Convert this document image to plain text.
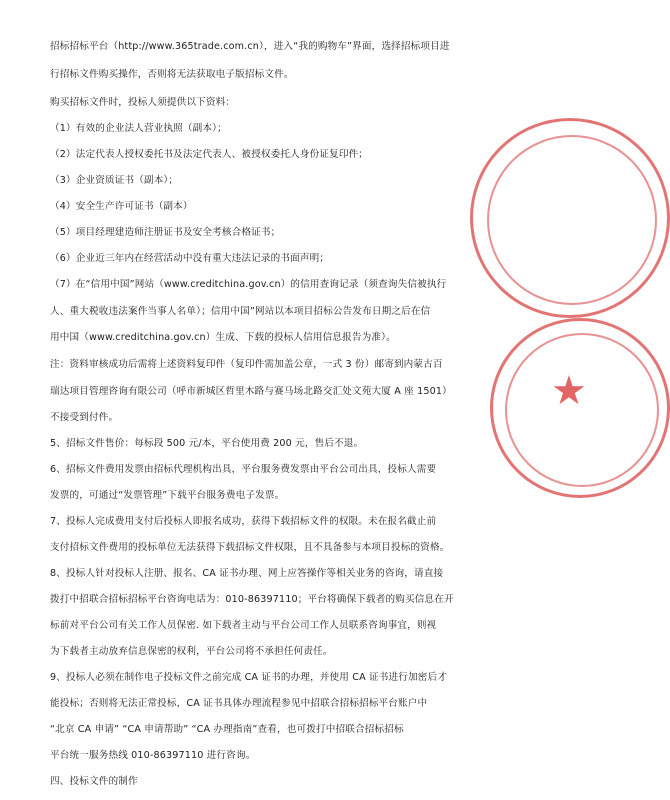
★
招标招标平台（http://www.365trade.com.cn），进入“我的购物车”界面，选择招标项目进
行招标文件购买操作，否则将无法获取电子版招标文件。
购买招标文件时，投标人须提供以下资料：
（1）有效的企业法人营业执照（副本）；
（2）法定代表人授权委托书及法定代表人、被授权委托人身份证复印件；
（3）企业资质证书（副本）；
（4）安全生产许可证书（副本）
（5）项目经理建造师注册证书及安全考核合格证书；
（6）企业近三年内在经营活动中没有重大违法记录的书面声明；
（7）在“信用中国”网站（www.creditchina.gov.cn）的信用查询记录（须查询失信被执行
人、重大税收违法案件当事人名单）；信用中国”网站以本项目招标公告发布日期之后在信
用中国（www.creditchina.gov.cn）生成、下载的投标人信用信息报告为准）。
注：资料审核成功后需将上述资料复印件（复印件需加盖公章，一式 3 份）邮寄到内蒙古百
瑞达项目管理咨询有限公司（呼市新城区哲里木路与赛马场北路交汇处文苑大厦 A 座 1501）
不接受到付件。
5、招标文件售价：每标段 500 元/本，平台使用费 200 元，售后不退。
6、招标文件费用发票由招标代理机构出具，平台服务费发票由平台公司出具，投标人需要
发票的，可通过“发票管理”下载平台服务费电子发票。
7、投标人完成费用支付后投标人即报名成功，获得下载招标文件的权限。未在报名截止前
支付招标文件费用的投标单位无法获得下载招标文件权限，且不具备参与本项目投标的资格。
8、投标人针对投标人注册、报名、CA 证书办理、网上应答操作等相关业务的咨询，请直接
拨打中招联合招标招标平台咨询电话为：010-86397110；平台将确保下载者的购买信息在开
标前对平台公司有关工作人员保密. 如下载者主动与平台公司工作人员联系咨询事宜，则视
为下载者主动放弃信息保密的权利，平台公司将不承担任何责任。
9、投标人必须在制作电子投标文件之前完成 CA 证书的办理，并使用 CA 证书进行加密后才
能投标；否则将无法正常投标，CA 证书具体办理流程参见中招联合招标招标平台账户中
“北京 CA 申请” “CA 申请帮助” “CA 办理指南”查看，也可拨打中招联合招标招标
平台统一服务热线 010-86397110 进行咨询。
四、投标文件的制作
